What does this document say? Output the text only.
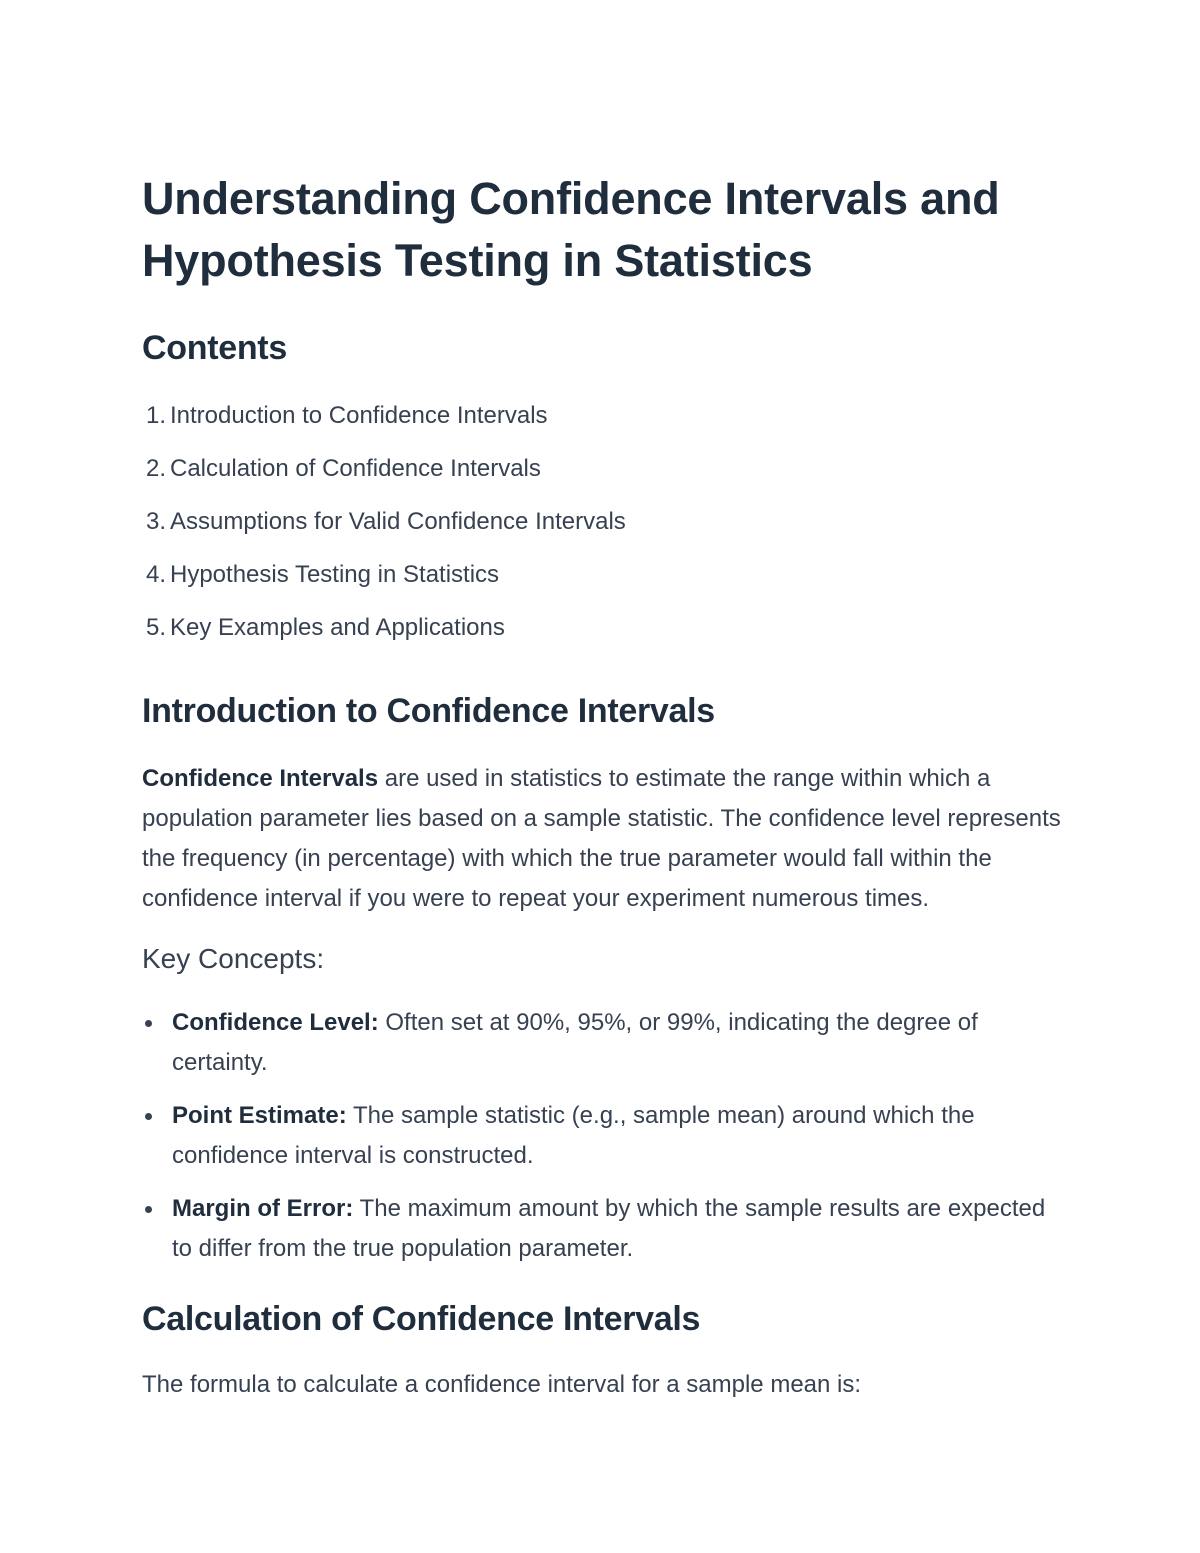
Understanding Confidence Intervals and Hypothesis Testing in Statistics
Contents
1. Introduction to Confidence Intervals
2. Calculation of Confidence Intervals
3. Assumptions for Valid Confidence Intervals
4. Hypothesis Testing in Statistics
5. Key Examples and Applications
Introduction to Confidence Intervals

Confidence Intervals are used in statistics to estimate the range within which a population parameter lies based on a sample statistic. The confidence level represents the frequency (in percentage) with which the true parameter would fall within the confidence interval if you were to repeat your experiment numerous times.

Key Concepts:
Confidence Level: Often set at 90%, 95%, or 99%, indicating the degree of certainty.
Point Estimate: The sample statistic (e.g., sample mean) around which the confidence interval is constructed.
Margin of Error: The maximum amount by which the sample results are expected to differ from the true population parameter.
Calculation of Confidence Intervals

The formula to calculate a confidence interval for a sample mean is:
